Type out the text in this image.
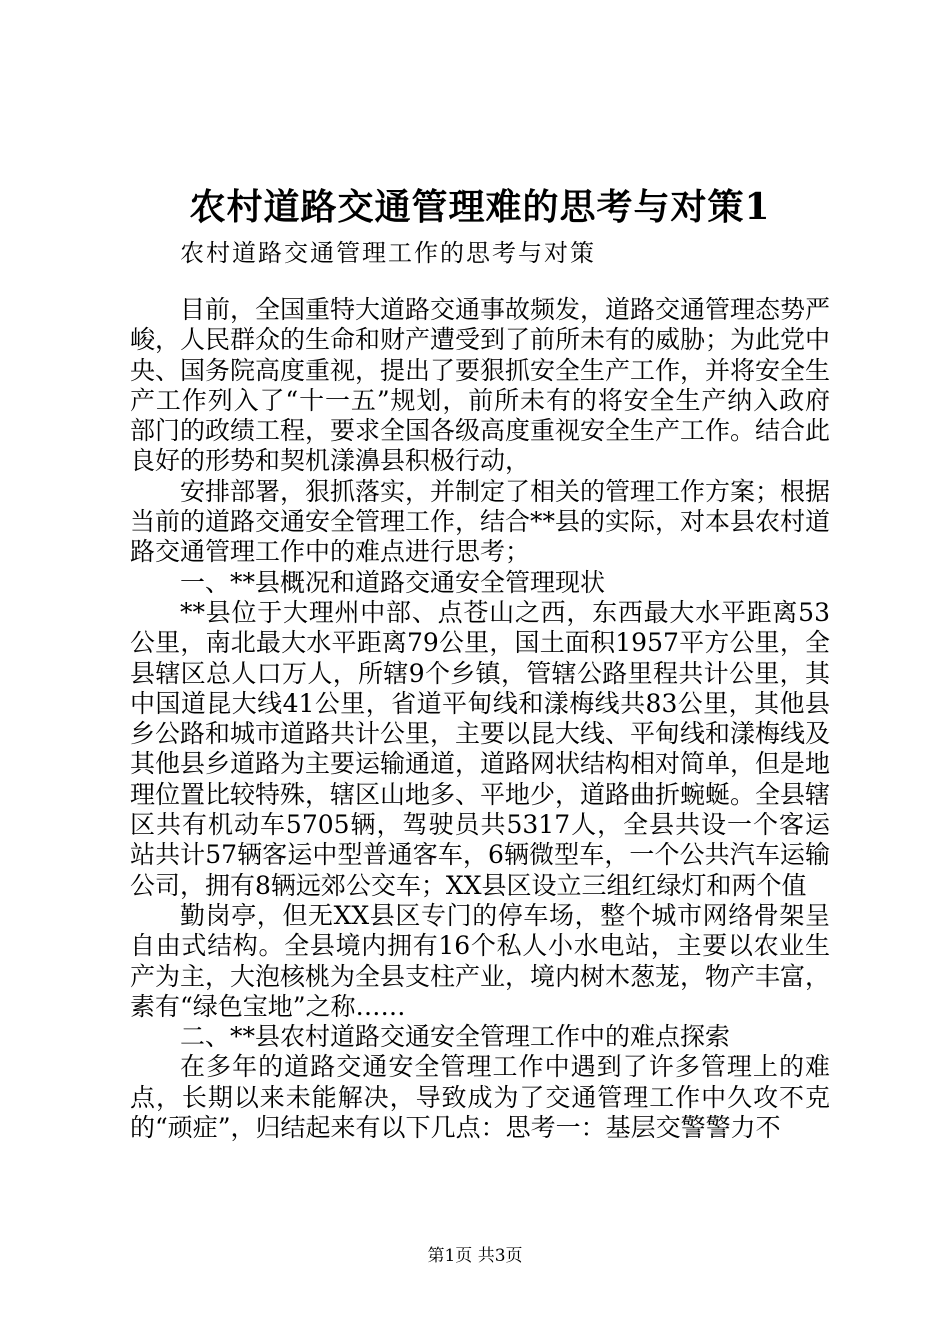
农村道路交通管理难的思考与对策1
农村道路交通管理工作的思考与对策

目前，全国重特大道路交通事故频发，道路交通管理态势严峻，人民群众的生命和财产遭受到了前所未有的威胁；为此党中央、国务院高度重视，提出了要狠抓安全生产工作，并将安全生产工作列入了“十一五”规划，前所未有的将安全生产纳入政府部门的政绩工程，要求全国各级高度重视安全生产工作。结合此良好的形势和契机漾濞县积极行动，

安排部署，狠抓落实，并制定了相关的管理工作方案；根据当前的道路交通安全管理工作，结合**县的实际，对本县农村道路交通管理工作中的难点进行思考；

一、**县概况和道路交通安全管理现状

**县位于大理州中部、点苍山之西，东西最大水平距离53公里，南北最大水平距离79公里，国土面积1957平方公里，全县辖区总人口万人，所辖9个乡镇，管辖公路里程共计公里，其中国道昆大线41公里，省道平甸线和漾梅线共83公里，其他县乡公路和城市道路共计公里，主要以昆大线、平甸线和漾梅线及其他县乡道路为主要运输通道，道路网状结构相对简单，但是地理位置比较特殊，辖区山地多、平地少，道路曲折蜿蜒。全县辖区共有机动车5705辆，驾驶员共5317人，全县共设一个客运站共计57辆客运中型普通客车，6辆微型车，一个公共汽车运输公司，拥有8辆远郊公交车；XX县区设立三组红绿灯和两个值

勤岗亭，但无XX县区专门的停车场，整个城市网络骨架呈自由式结构。全县境内拥有16个私人小水电站，主要以农业生产为主，大泡核桃为全县支柱产业，境内树木葱茏，物产丰富，素有“绿色宝地”之称……

二、**县农村道路交通安全管理工作中的难点探索

在多年的道路交通安全管理工作中遇到了许多管理上的难点，长期以来未能解决，导致成为了交通管理工作中久攻不克的“顽症”，归结起来有以下几点：思考一：基层交警警力不

第1页 共3页
